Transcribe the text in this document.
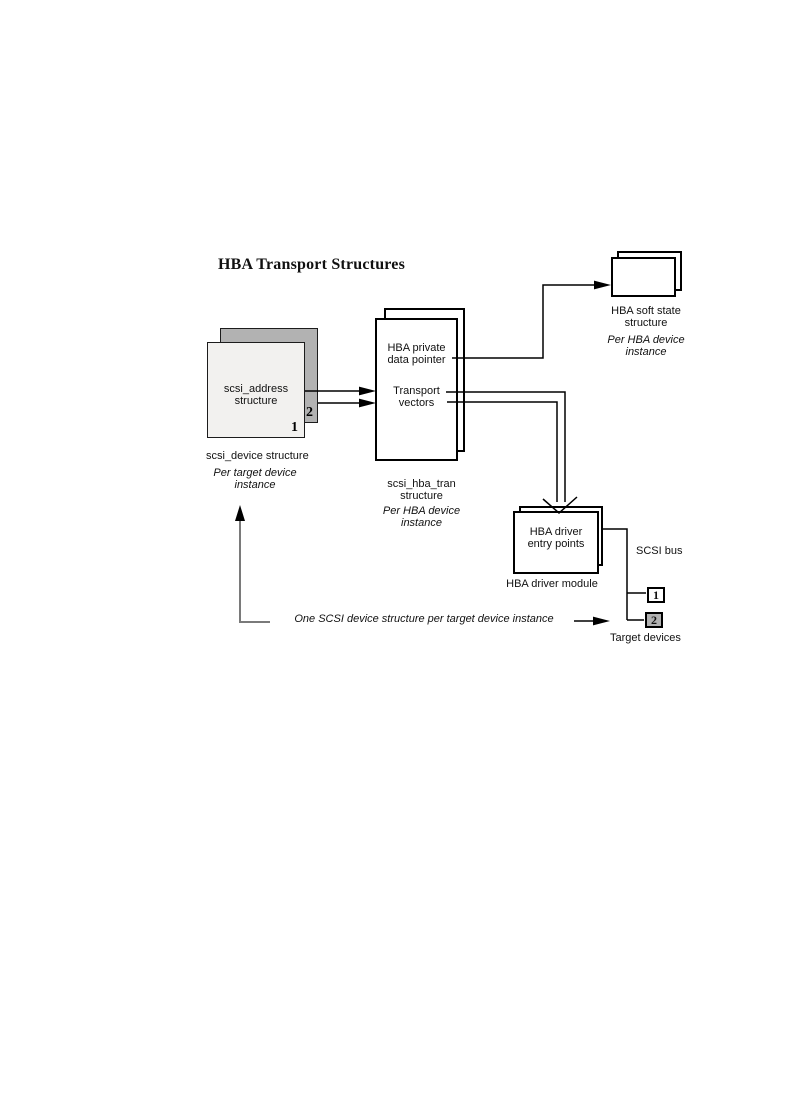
HBA Transport Structures
2
1
scsi_address
structure
scsi_device structure
Per target device
instance
HBA private
data pointer
Transport
vectors
scsi_hba_tran
structure
Per HBA device
instance
HBA soft state
structure
Per HBA device
instance
HBA driver
entry points
HBA driver module
SCSI bus
1
2
Target devices
One SCSI device structure per target device instance
